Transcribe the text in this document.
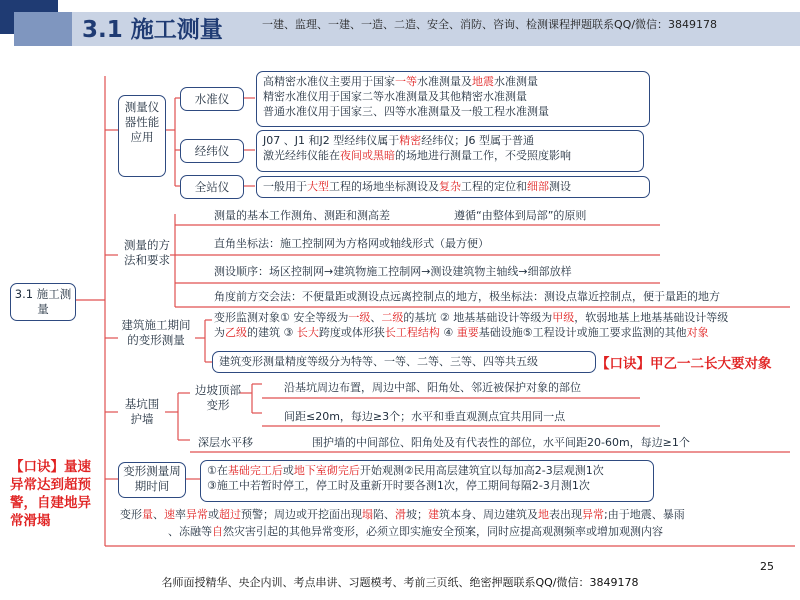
3.1 施工测量	一建、监理、一建、一造、二造、安全、消防、咨询、检测课程押题联系QQ/微信：3849178
3.1 施工测量
【口诀】量速异常达到超预警，自建地异常滑塌
测量仪器性能应用
水准仪
高精密水准仪主要用于国家一等水准测量及地震水准测量
精密水准仪用于国家二等水准测量及其他精密水准测量
普通水准仪用于国家三、四等水准测量及一般工程水准测量
经纬仪
J07 、J1 和J2 型经纬仪属于精密经纬仪；J6 型属于普通
激光经纬仪能在夜间或黑暗的场地进行测量工作，不受照度影响
全站仪	一般用于大型工程的场地坐标测设及复杂工程的定位和细部测设
测量的方法和要求
测量的基本工作测角、测距和测高差	遵循“由整体到局部”的原则
直角坐标法：施工控制网为方格网或轴线形式（最方便）
测设顺序：场区控制网→建筑物施工控制网→测设建筑物主轴线→细部放样
角度前方交会法：不便量距或测设点远离控制点的地方，极坐标法：测设点靠近控制点，便于量距的地方
建筑施工期间的变形测量
变形监测对象① 安全等级为一级、二级的基坑 ② 地基基础设计等级为甲级，软弱地基上地基基础设计等级
为乙级的建筑 ③ 长大跨度或体形狭长工程结构 ④ 重要基础设施⑤工程设计或施工要求监测的其他对象
建筑变形测量精度等级分为特等、一等、二等、三等、四等共五级	【口诀】甲乙一二长大要对象
基坑围护墙
边坡顶部变形
沿基坑周边布置，周边中部、阳角处、邻近被保护对象的部位
间距≤20m，每边≥3个；水平和垂直观测点宜共用同一点
深层水平移	围护墙的中间部位、阳角处及有代表性的部位，水平间距20-60m，每边≥1个
变形测量周期时间
①在基础完工后或地下室砌完后开始观测②民用高层建筑宜以每加高2-3层观测1次
③施工中若暂时停工，停工时及重新开时要各测1次，停工期间每隔2-3月测1次
变形量、速率异常或超过预警；周边或开挖面出现塌陷、滑坡；建筑本身、周边建筑及地表出现异常;由于地震、暴雨
、冻融等自然灾害引起的其他异常变形，必须立即实施安全预案，同时应提高观测频率或增加观测内容
25
名师面授精华、央企内训、考点串讲、习题模考、考前三页纸、绝密押题联系QQ/微信：3849178
